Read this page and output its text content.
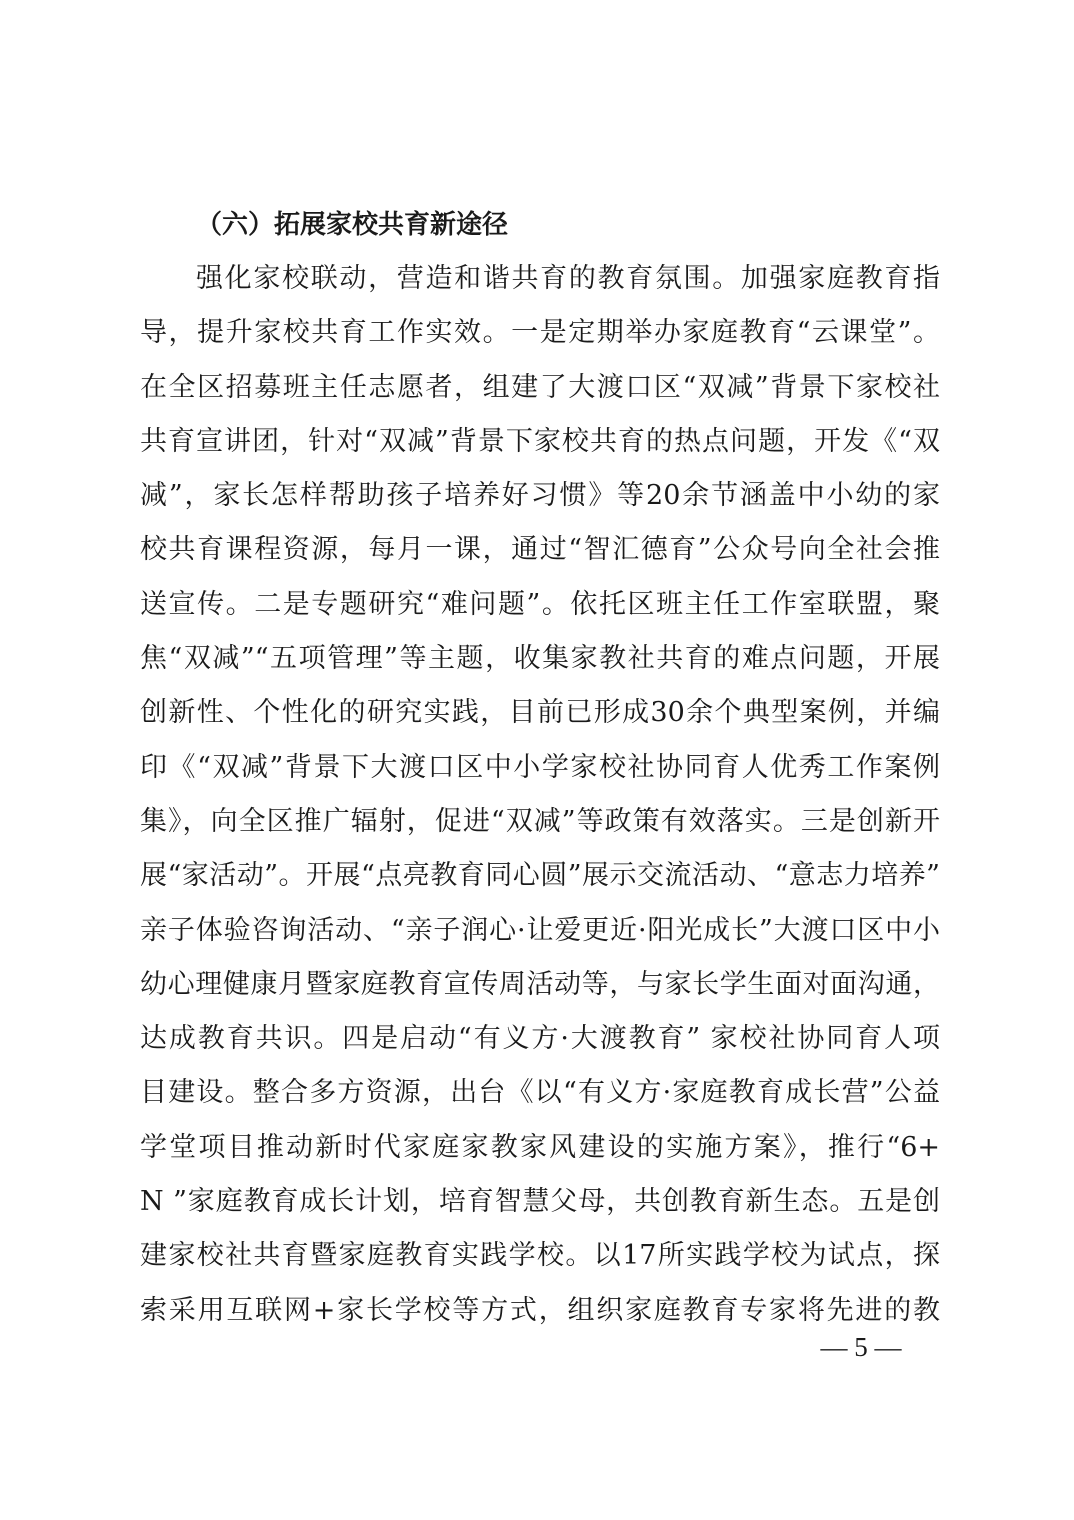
（六）拓展家校共育新途径
强化家校联动，营造和谐共育的教育氛围。加强家庭教育指
导，提升家校共育工作实效。一是定期举办家庭教育“云课堂”。
在全区招募班主任志愿者，组建了大渡口区“双减”背景下家校社
共育宣讲团，针对“双减”背景下家校共育的热点问题，开发《“双
减”，家长怎样帮助孩子培养好习惯》等20余节涵盖中小幼的家
校共育课程资源，每月一课，通过“智汇德育”公众号向全社会推
送宣传。二是专题研究“难问题”。依托区班主任工作室联盟，聚
焦“双减”“五项管理”等主题，收集家教社共育的难点问题，开展
创新性、个性化的研究实践，目前已形成30余个典型案例，并编
印《“双减”背景下大渡口区中小学家校社协同育人优秀工作案例
集》，向全区推广辐射，促进“双减”等政策有效落实。三是创新开
展“家活动”。开展“点亮教育同心圆”展示交流活动、“意志力培养”
亲子体验咨询活动、“亲子润心·让爱更近·阳光成长”大渡口区中小
幼心理健康月暨家庭教育宣传周活动等，与家长学生面对面沟通，
达成教育共识。四是启动“有义方·大渡教育” 家校社协同育人项
目建设。整合多方资源，出台《以“有义方·家庭教育成长营”公益
学堂项目推动新时代家庭家教家风建设的实施方案》，推行“6+
N ”家庭教育成长计划，培育智慧父母，共创教育新生态。五是创
建家校社共育暨家庭教育实践学校。以17所实践学校为试点，探
索采用互联网+家长学校等方式，组织家庭教育专家将先进的教
— 5 —
